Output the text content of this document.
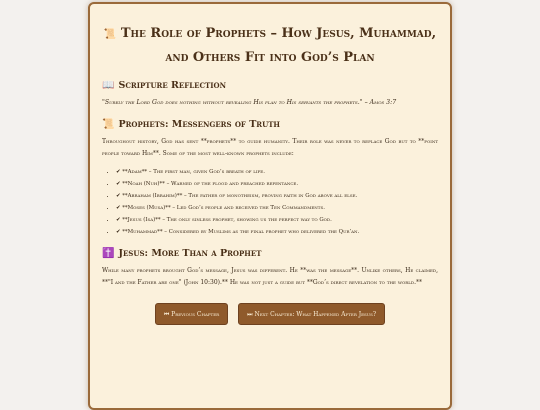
📜 The Role of Prophets – How Jesus, Muhammad, and Others Fit into God’s Plan
📖 Scripture Reflection

"Surely the Lord God does nothing without revealing His plan to His servants the prophets." – Amos 3:7

📜 Prophets: Messengers of Truth

Throughout history, God has sent **prophets** to guide humanity. Their role was never to replace God but to **point people toward Him**. Some of the most well-known prophets include:

• ✔ **Adam** – The first man, given God’s breath of life.
• ✔ **Noah (Nuh)** – Warned of the flood and preached repentance.
• ✔ **Abraham (Ibrahim)** – The father of monotheism, proving faith in God above all else.
• ✔ **Moses (Musa)** – Led God’s people and received the Ten Commandments.
• ✔ **Jesus (Isa)** – The only sinless prophet, showing us the perfect way to God.
• ✔ **Muhammad** – Considered by Muslims as the final prophet who delivered the Qur’an.
✝️ Jesus: More Than a Prophet

While many prophets brought God’s message, Jesus was different. He **was the message**. Unlike others, He claimed, **"I and the Father are one" (John 10:30).** He was not just a guide but **God’s direct revelation to the world.**

⏮ Previous Chapter	⏭ Next Chapter: What Happened After Jesus?
